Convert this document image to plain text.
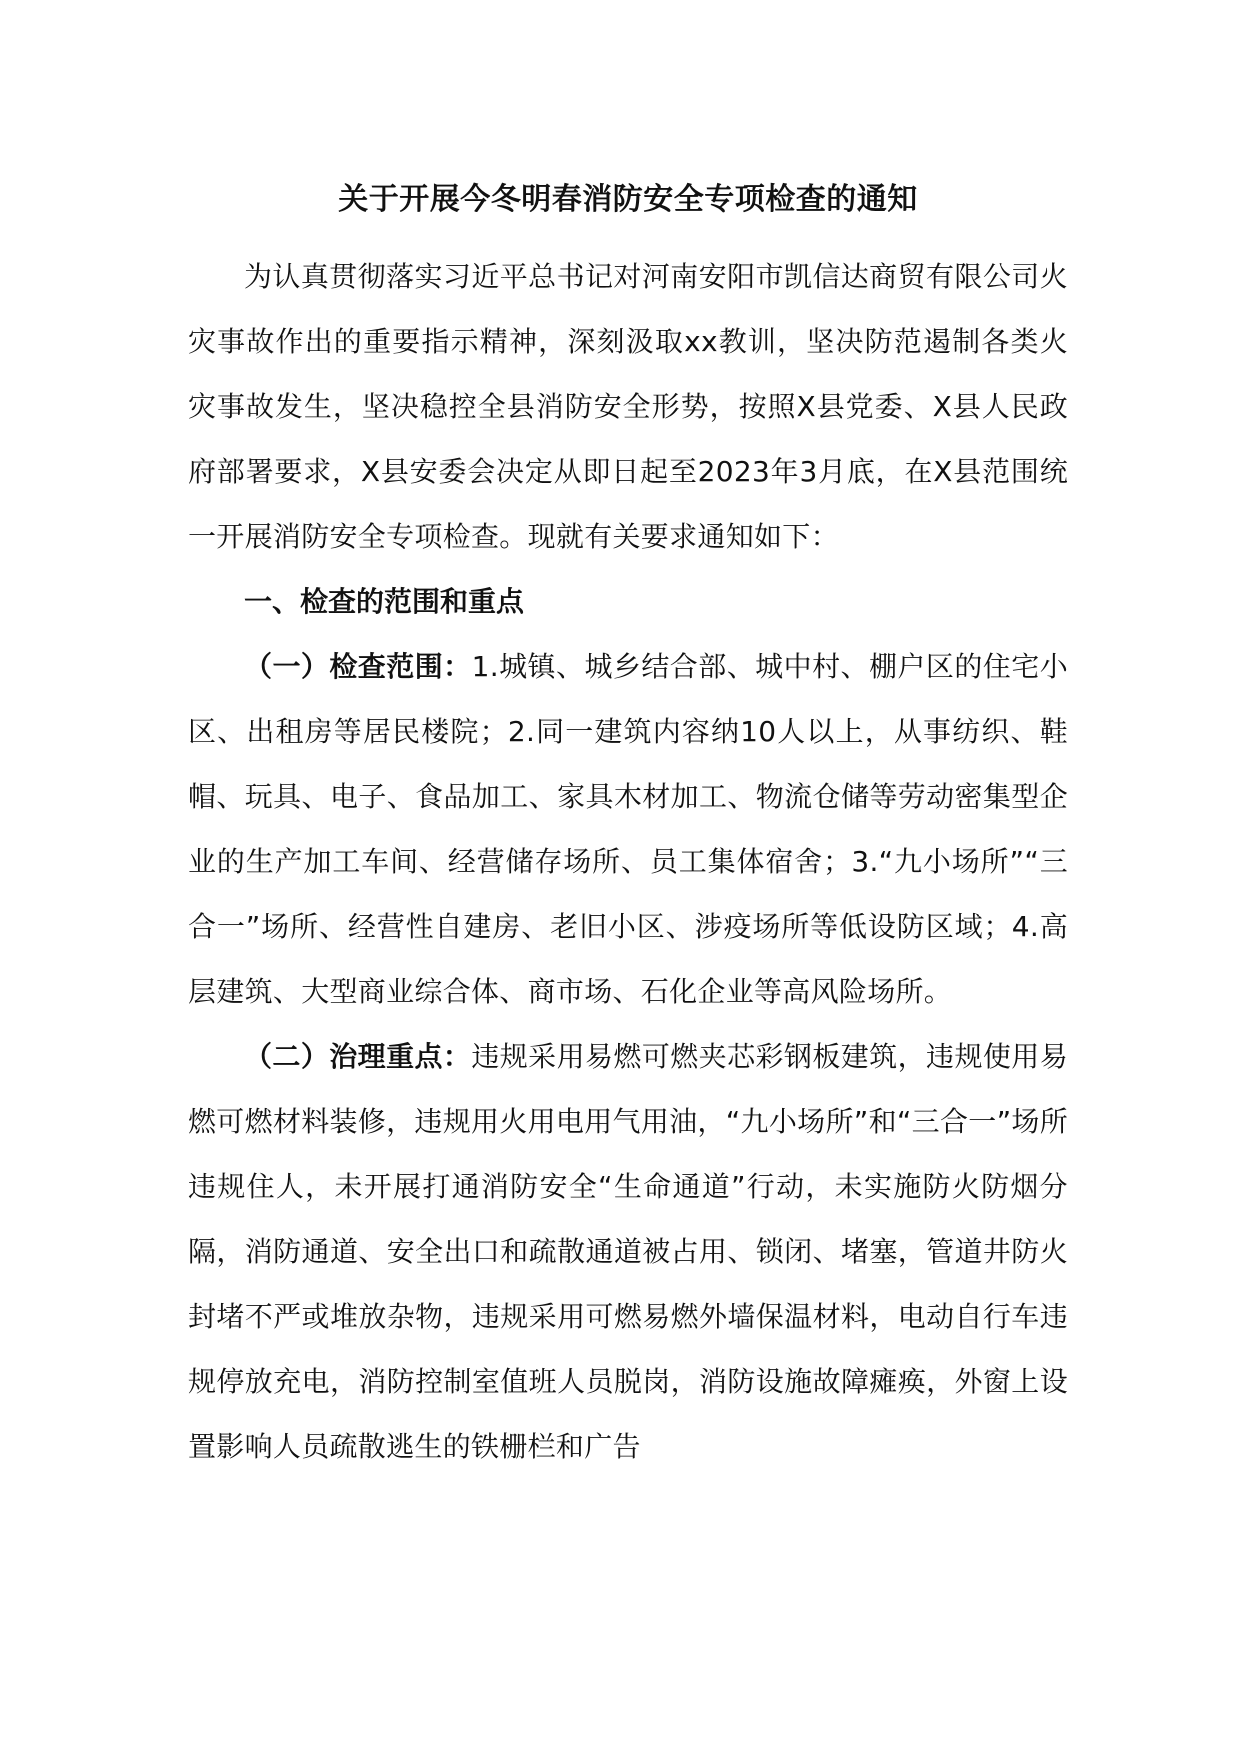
关于开展今冬明春消防安全专项检查的通知

为认真贯彻落实习近平总书记对河南安阳市凯信达商贸有限公司火灾事故作出的重要指示精神，深刻汲取xx教训，坚决防范遏制各类火灾事故发生，坚决稳控全县消防安全形势，按照X县党委、X县人民政府部署要求，X县安委会决定从即日起至2023年3月底，在X县范围统一开展消防安全专项检查。现就有关要求通知如下：

一、检查的范围和重点

（一）检查范围：1.城镇、城乡结合部、城中村、棚户区的住宅小区、出租房等居民楼院；2.同一建筑内容纳10人以上，从事纺织、鞋帽、玩具、电子、食品加工、家具木材加工、物流仓储等劳动密集型企业的生产加工车间、经营储存场所、员工集体宿舍；3.“九小场所”“三合一”场所、经营性自建房、老旧小区、涉疫场所等低设防区域；4.高层建筑、大型商业综合体、商市场、石化企业等高风险场所。

（二）治理重点：违规采用易燃可燃夹芯彩钢板建筑，违规使用易燃可燃材料装修，违规用火用电用气用油，“九小场所”和“三合一”场所违规住人，未开展打通消防安全“生命通道”行动，未实施防火防烟分隔，消防通道、安全出口和疏散通道被占用、锁闭、堵塞，管道井防火封堵不严或堆放杂物，违规采用可燃易燃外墙保温材料，电动自行车违规停放充电，消防控制室值班人员脱岗，消防设施故障瘫痪，外窗上设置影响人员疏散逃生的铁栅栏和广告
